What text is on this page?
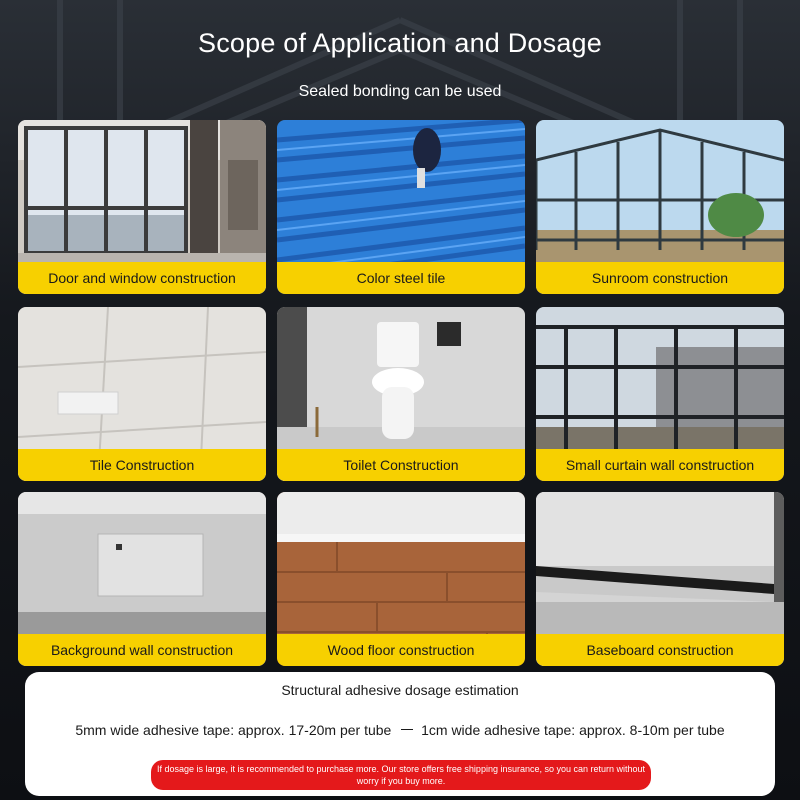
Scope of Application and Dosage
Sealed bonding can be used
Door and window construction	Color steel tile	Sunroom construction
Tile Construction	Toilet Construction	Small curtain wall construction
Background wall construction	Wood floor construction	Baseboard construction
Structural adhesive dosage estimation
5mm wide adhesive tape: approx. 17-20m per tube 1cm wide adhesive tape: approx. 8-10m per tube
If dosage is large, it is recommended to purchase more. Our store offers free shipping insurance, so you can return without worry if you buy more.
